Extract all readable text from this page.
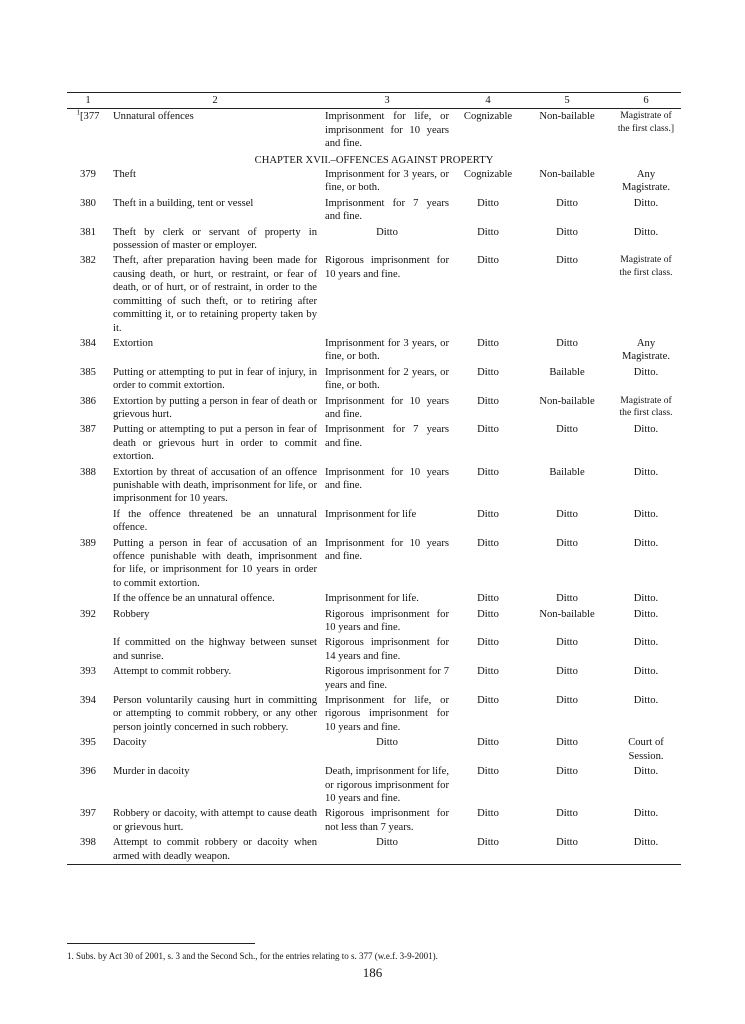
1	2	3	4	5	6
$^1$[377	Unnatural offences	Imprisonment for life, or imprisonment for 10 years and fine.	Cognizable	Non-bailable	Magistrate of the first class.]
CHAPTER XVII.–OFFENCES AGAINST PROPERTY					
379	Theft	Imprisonment for 3 years, or fine, or both.	Cognizable	Non-bailable	Any Magistrate.
380	Theft in a building, tent or vessel	Imprisonment for 7 years and fine.	Ditto	Ditto	Ditto.
381	Theft by clerk or servant of property in possession of master or employer.	Ditto	Ditto	Ditto	Ditto.
382	Theft, after preparation having been made for causing death, or hurt, or restraint, or fear of death, or of hurt, or of restraint, in order to the committing of such theft, or to retiring after committing it, or to retaining property taken by it.	Rigorous imprisonment for 10 years and fine.	Ditto	Ditto	Magistrate of the first class.
384	Extortion	Imprisonment for 3 years, or fine, or both.	Ditto	Ditto	Any Magistrate.
385	Putting or attempting to put in fear of injury, in order to commit extortion.	Imprisonment for 2 years, or fine, or both.	Ditto	Bailable	Ditto.
386	Extortion by putting a person in fear of death or grievous hurt.	Imprisonment for 10 years and fine.	Ditto	Non-bailable	Magistrate of the first class.
387	Putting or attempting to put a person in fear of death or grievous hurt in order to commit extortion.	Imprisonment for 7 years and fine.	Ditto	Ditto	Ditto.
388	Extortion by threat of accusation of an offence punishable with death, imprisonment for life, or imprisonment for 10 years.	Imprisonment for 10 years and fine.	Ditto	Bailable	Ditto.
	If the offence threatened be an unnatural offence.	Imprisonment for life	Ditto	Ditto	Ditto.
389	Putting a person in fear of accusation of an offence punishable with death, imprisonment for life, or imprisonment for 10 years in order to commit extortion.	Imprisonment for 10 years and fine.	Ditto	Ditto	Ditto.
	If the offence be an unnatural offence.	Imprisonment for life.	Ditto	Ditto	Ditto.
392	Robbery	Rigorous imprisonment for 10 years and fine.	Ditto	Non-bailable	Ditto.
	If committed on the highway between sunset and sunrise.	Rigorous imprisonment for 14 years and fine.	Ditto	Ditto	Ditto.
393	Attempt to commit robbery.	Rigorous imprisonment for 7 years and fine.	Ditto	Ditto	Ditto.
394	Person voluntarily causing hurt in committing or attempting to commit robbery, or any other person jointly concerned in such robbery.	Imprisonment for life, or rigorous imprisonment for 10 years and fine.	Ditto	Ditto	Ditto.
395	Dacoity	Ditto	Ditto	Ditto	Court of Session.
396	Murder in dacoity	Death, imprisonment for life, or rigorous imprisonment for 10 years and fine.	Ditto	Ditto	Ditto.
397	Robbery or dacoity, with attempt to cause death or grievous hurt.	Rigorous imprisonment for not less than 7 years.	Ditto	Ditto	Ditto.
398	Attempt to commit robbery or dacoity when armed with deadly weapon.	Ditto	Ditto	Ditto	Ditto.
1. Subs. by Act 30 of 2001, s. 3 and the Second Sch., for the entries relating to s. 377 (w.e.f. 3-9-2001).
186
